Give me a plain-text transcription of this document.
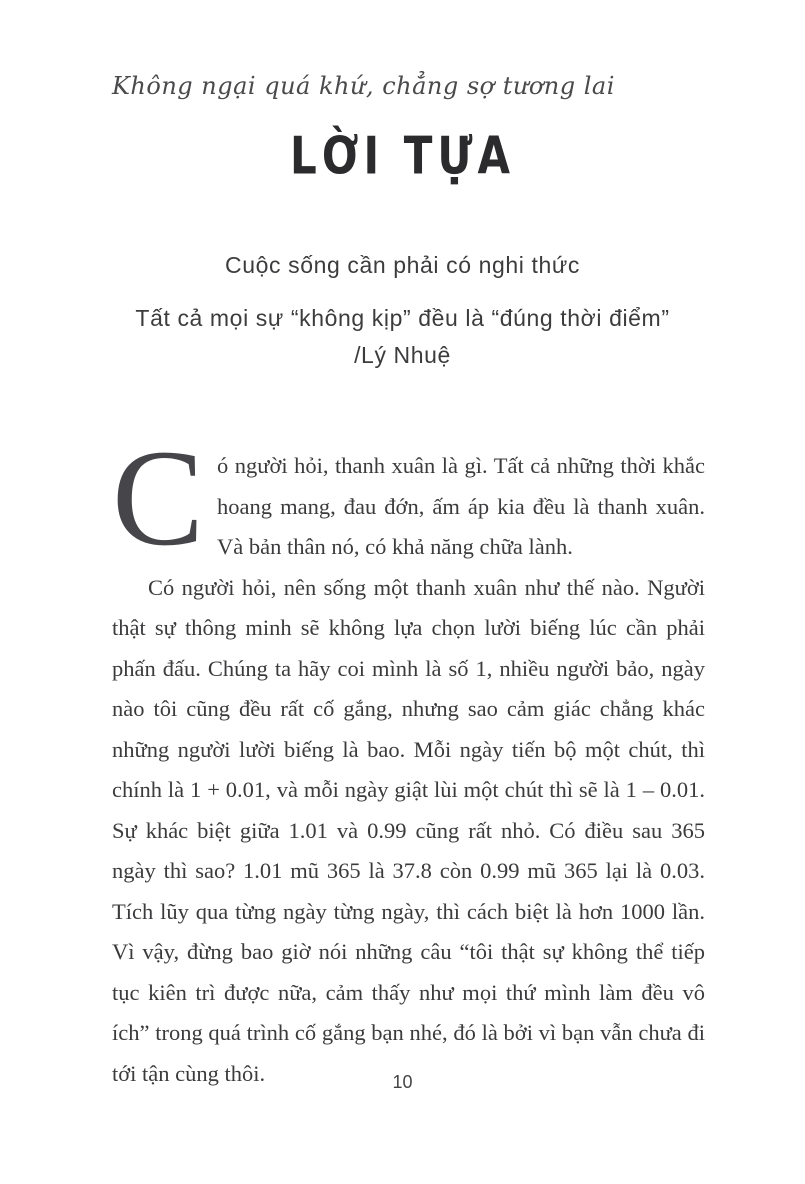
Không ngại quá khứ, chẳng sợ tương lai
LỜI TỰA

Cuộc sống cần phải có nghi thức

Tất cả mọi sự “không kịp” đều là “đúng thời điểm”

/Lý Nhuệ

Có người hỏi, thanh xuân là gì. Tất cả những thời khắc hoang mang, đau đớn, ấm áp kia đều là thanh xuân. Và bản thân nó, có khả năng chữa lành.

Có người hỏi, nên sống một thanh xuân như thế nào. Người thật sự thông minh sẽ không lựa chọn lười biếng lúc cần phải phấn đấu. Chúng ta hãy coi mình là số 1, nhiều người bảo, ngày nào tôi cũng đều rất cố gắng, nhưng sao cảm giác chẳng khác những người lười biếng là bao. Mỗi ngày tiến bộ một chút, thì chính là 1 + 0.01, và mỗi ngày giật lùi một chút thì sẽ là 1 – 0.01. Sự khác biệt giữa 1.01 và 0.99 cũng rất nhỏ. Có điều sau 365 ngày thì sao? 1.01 mũ 365 là 37.8 còn 0.99 mũ 365 lại là 0.03. Tích lũy qua từng ngày từng ngày, thì cách biệt là hơn 1000 lần. Vì vậy, đừng bao giờ nói những câu “tôi thật sự không thể tiếp tục kiên trì được nữa, cảm thấy như mọi thứ mình làm đều vô ích” trong quá trình cố gắng bạn nhé, đó là bởi vì bạn vẫn chưa đi tới tận cùng thôi.	10
